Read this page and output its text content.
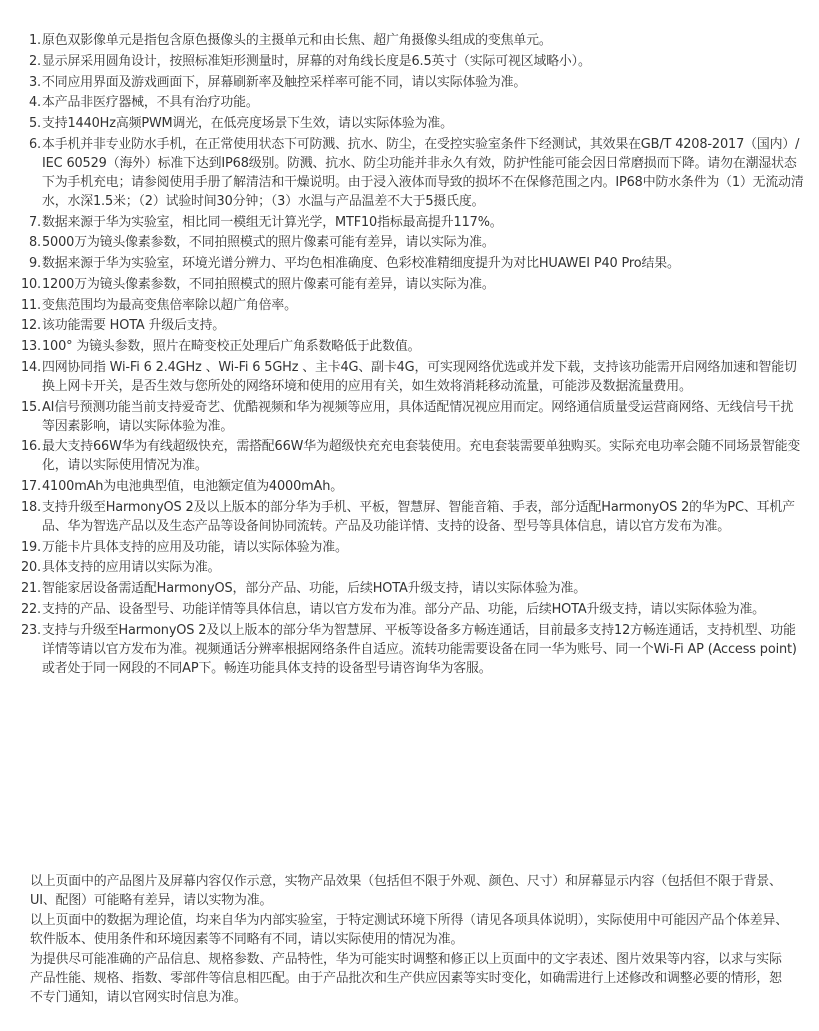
1 . 原色双影像单元是指包含原色摄像头的主摄单元和由长焦、超广角摄像头组成的变焦单元。
2 . 显示屏采用圆角设计，按照标准矩形测量时，屏幕的对角线长度是6.5英寸（实际可视区域略小）。
3 . 不同应用界面及游戏画面下，屏幕刷新率及触控采样率可能不同，请以实际体验为准。
4 . 本产品非医疗器械，不具有治疗功能。
5 . 支持1440Hz高频PWM调光，在低亮度场景下生效，请以实际体验为准。
6 . 本手机并非专业防水手机，在正常使用状态下可防溅、抗水、防尘，在受控实验室条件下经测试，其效果在GB/T 4208-2017（国内）/ IEC 60529（海外）标准下达到IP68级别。防溅、抗水、防尘功能并非永久有效，防护性能可能会因日常磨损而下降。请勿在潮湿状态下为手机充电；请参阅使用手册了解清洁和干燥说明。由于浸入液体而导致的损坏不在保修范围之内。IP68中防水条件为（1）无流动清水，水深1.5米；（2）试验时间30分钟；（3）水温与产品温差不大于5摄氏度。
7 . 数据来源于华为实验室，相比同一模组无计算光学，MTF10指标最高提升117%。
8 . 5000万为镜头像素参数，不同拍照模式的照片像素可能有差异，请以实际为准。
9 . 数据来源于华为实验室，环境光谱分辨力、平均色相准确度、色彩校准精细度提升为对比HUAWEI P40 Pro结果。
10 . 1200万为镜头像素参数，不同拍照模式的照片像素可能有差异，请以实际为准。
11 . 变焦范围均为最高变焦倍率除以超广角倍率。
12 . 该功能需要 HOTA 升级后支持。
13 . 100° 为镜头参数，照片在畸变校正处理后广角系数略低于此数值。
14 . 四网协同指 Wi-Fi 6 2.4GHz 、Wi-Fi 6 5GHz 、主卡4G、副卡4G，可实现网络优选或并发下载，支持该功能需开启网络加速和智能切换上网卡开关，是否生效与您所处的网络环境和使用的应用有关，如生效将消耗移动流量，可能涉及数据流量费用。
15 . AI信号预测功能当前支持爱奇艺、优酷视频和华为视频等应用，具体适配情况视应用而定。网络通信质量受运营商网络、无线信号干扰等因素影响，请以实际体验为准。
16 . 最大支持66W华为有线超级快充，需搭配66W华为超级快充充电套装使用。充电套装需要单独购买。实际充电功率会随不同场景智能变化，请以实际使用情况为准。
17 . 4100mAh为电池典型值，电池额定值为4000mAh。
18 . 支持升级至HarmonyOS 2及以上版本的部分华为手机、平板，智慧屏、智能音箱、手表，部分适配HarmonyOS 2的华为PC、耳机产品、华为智选产品以及生态产品等设备间协同流转。产品及功能详情、支持的设备、型号等具体信息，请以官方发布为准。
19 . 万能卡片具体支持的应用及功能，请以实际体验为准。
20 . 具体支持的应用请以实际为准。
21 . 智能家居设备需适配HarmonyOS，部分产品、功能，后续HOTA升级支持，请以实际体验为准。
22 . 支持的产品、设备型号、功能详情等具体信息，请以官方发布为准。部分产品、功能，后续HOTA升级支持，请以实际体验为准。
23 . 支持与升级至HarmonyOS 2及以上版本的部分华为智慧屏、平板等设备多方畅连通话，目前最多支持12方畅连通话，支持机型、功能详情等请以官方发布为准。视频通话分辨率根据网络条件自适应。流转功能需要设备在同一华为账号、同一个Wi-Fi AP (Access point) 或者处于同一网段的不同AP下。畅连功能具体支持的设备型号请咨询华为客服。

以上页面中的产品图片及屏幕内容仅作示意，实物产品效果（包括但不限于外观、颜色、尺寸）和屏幕显示内容（包括但不限于背景、UI、配图）可能略有差异，请以实物为准。

以上页面中的数据为理论值，均来自华为内部实验室，于特定测试环境下所得（请见各项具体说明），实际使用中可能因产品个体差异、软件版本、使用条件和环境因素等不同略有不同，请以实际使用的情况为准。

为提供尽可能准确的产品信息、规格参数、产品特性，华为可能实时调整和修正以上页面中的文字表述、图片效果等内容，以求与实际产品性能、规格、指数、零部件等信息相匹配。由于产品批次和生产供应因素等实时变化，如确需进行上述修改和调整必要的情形，恕不专门通知，请以官网实时信息为准。
